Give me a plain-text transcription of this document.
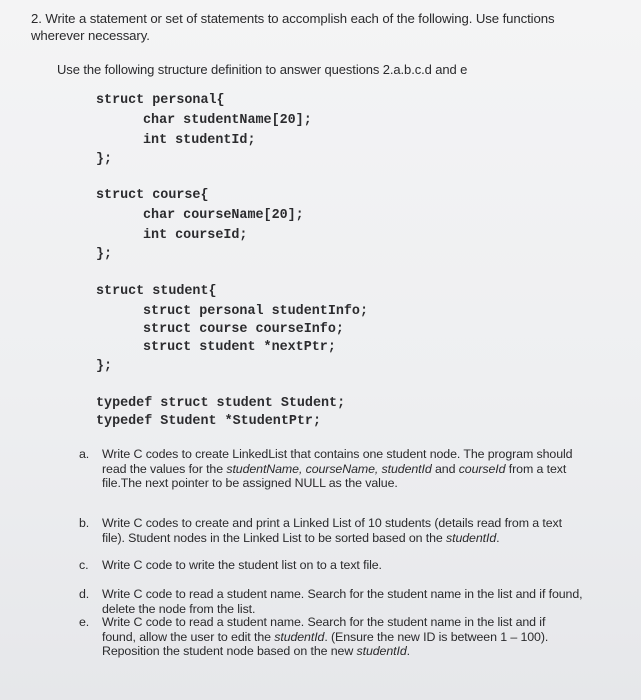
2. Write a statement or set of statements to accomplish each of the following. Use functions
wherever necessary.
Use the following structure definition to answer questions 2.a.b.c.d and e
struct personal{
char studentName[20];
int studentId;
};
struct course{
char courseName[20];
int courseId;
};
struct student{
struct personal studentInfo;
struct course courseInfo;
struct student *nextPtr;
};
typedef struct student Student;
typedef Student *StudentPtr;
a. Write C codes to create LinkedList that contains one student node. The program should
read the values for the studentName, courseName, studentId and courseId from a text
file.The next pointer to be assigned NULL as the value.
b. Write C codes to create and print a Linked List of 10 students (details read from a text
file). Student nodes in the Linked List to be sorted based on the studentId.
c. Write C code to write the student list on to a text file.
d. Write C code to read a student name. Search for the student name in the list and if found,
delete the node from the list.
e. Write C code to read a student name. Search for the student name in the list and if
found, allow the user to edit the studentId. (Ensure the new ID is between 1 – 100).
Reposition the student node based on the new studentId.
